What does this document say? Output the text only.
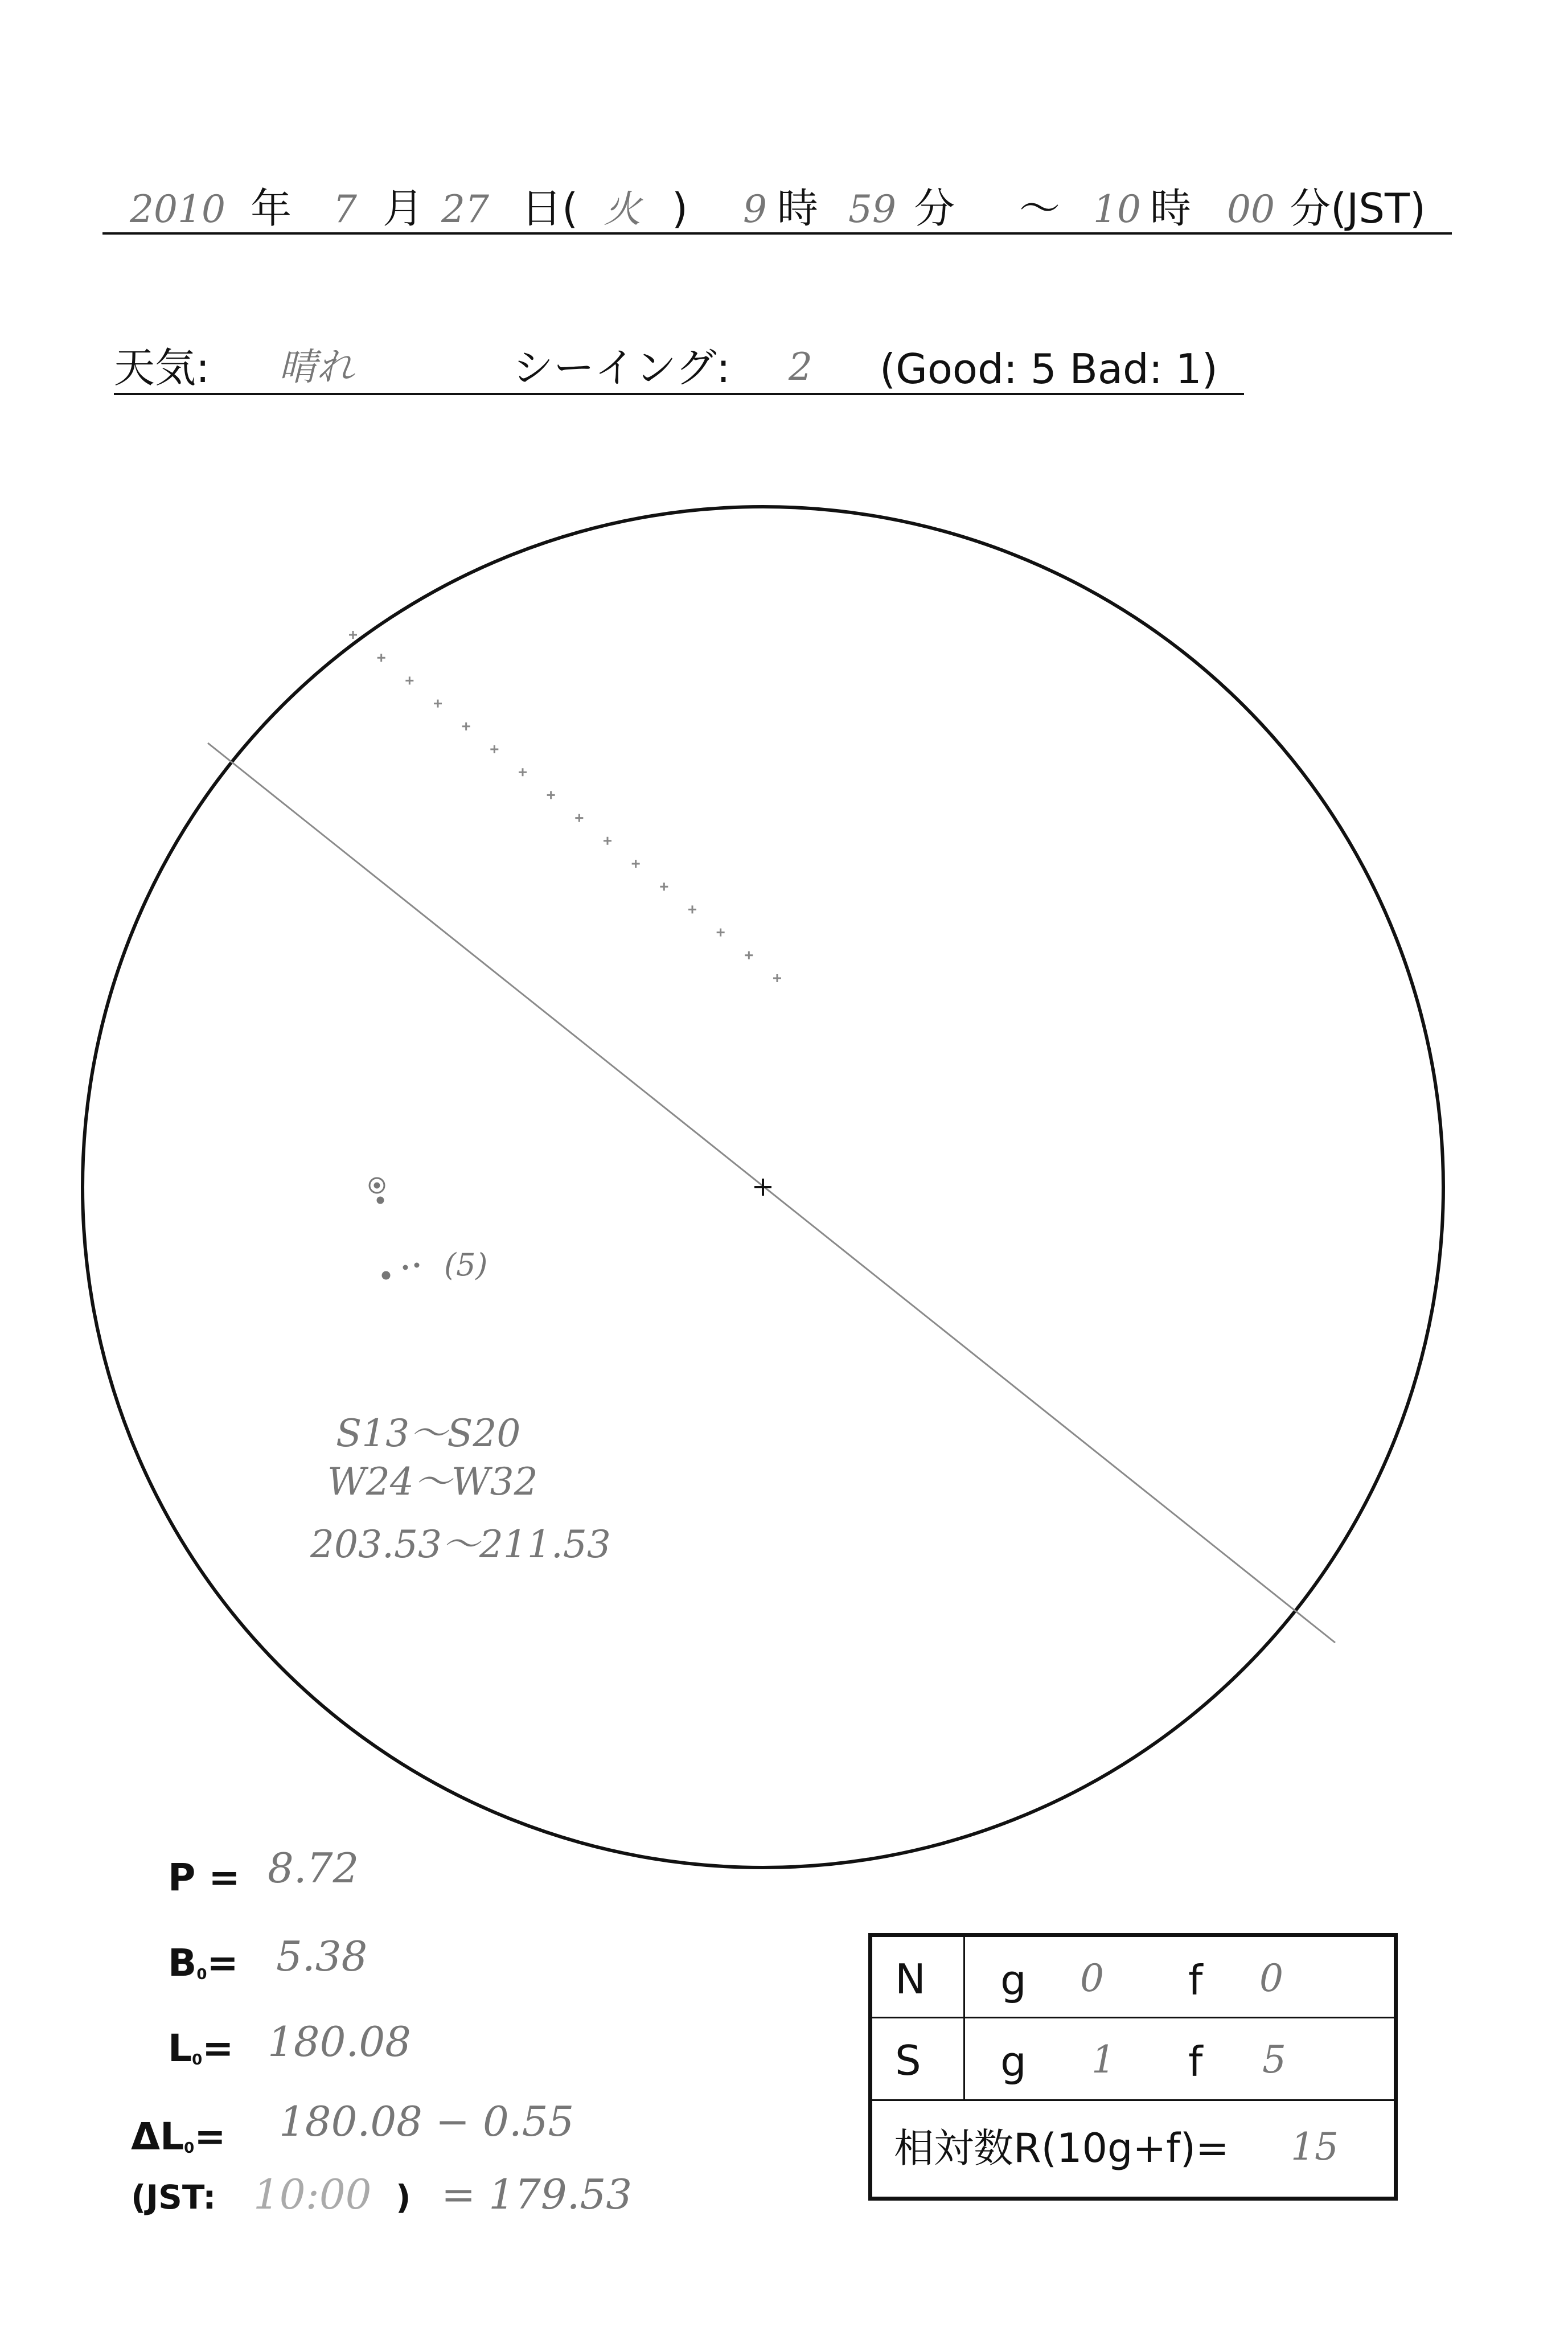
2010 年 7 月 27 日( 火 ) 9 時 59 分 ～ 10 時 00 分(JST)
天気: 晴れ	シーイング: 2 (Good: 5 Bad: 1)
(5)
S13～S20
W24～W32
203.53～211.53
P = 8.72
$B_0= 5.38$
$L_0= 180.08$
$\Delta L_0= 180.08 - 0.55$
(JST: 10:00 ) = 179.53
N g 0 f 0
S g 1 f 5
相対数R(10g+f)= 15
